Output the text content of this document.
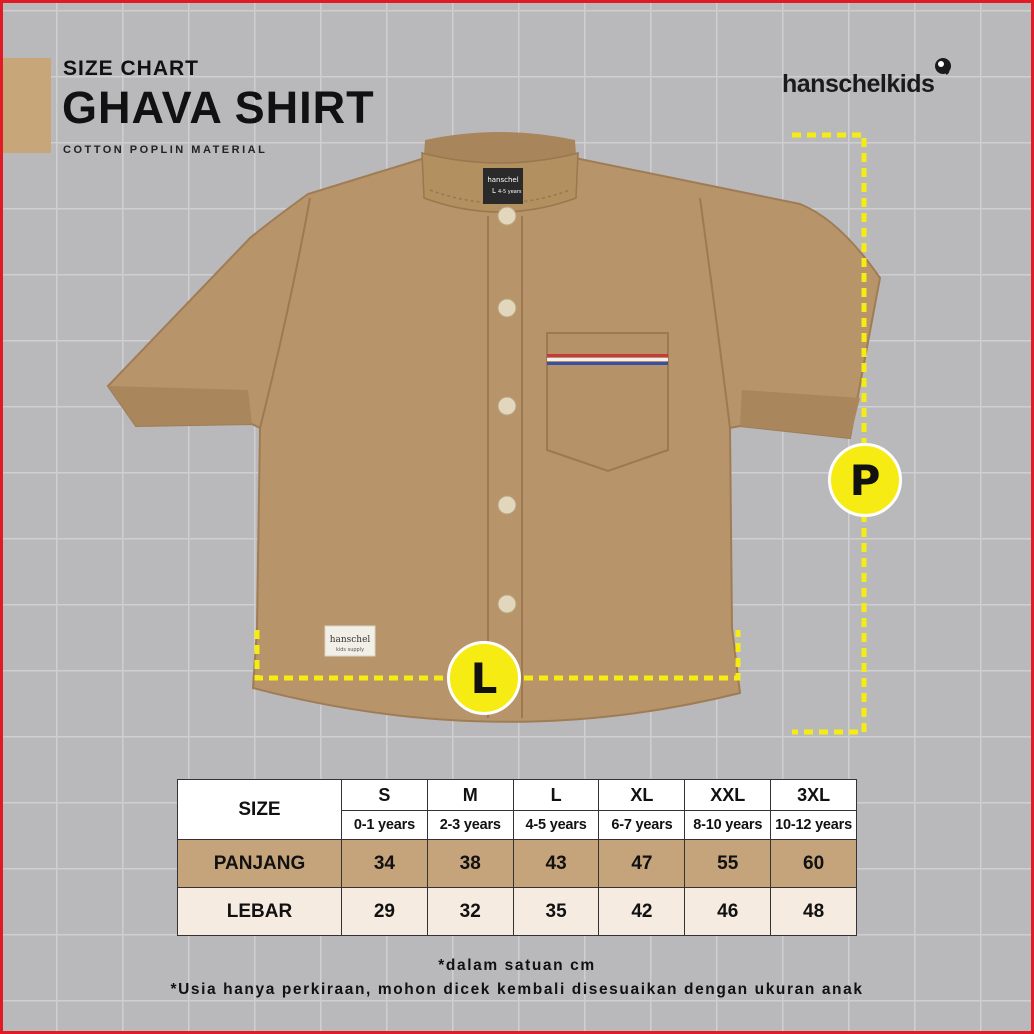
SIZE CHART
GHAVA SHIRT
COTTON POPLIN MATERIAL
hanschelkids
hanschel
L 4-5 years
hanschel
kids supply
P
L
SIZE	S	M	L	XL	XXL	3XL
	0-1 years	2-3 years	4-5 years	6-7 years	8-10 years	10-12 years
PANJANG	34	38	43	47	55	60
LEBAR	29	32	35	42	46	48
*dalam satuan cm
*Usia hanya perkiraan, mohon dicek kembali disesuaikan dengan ukuran anak
